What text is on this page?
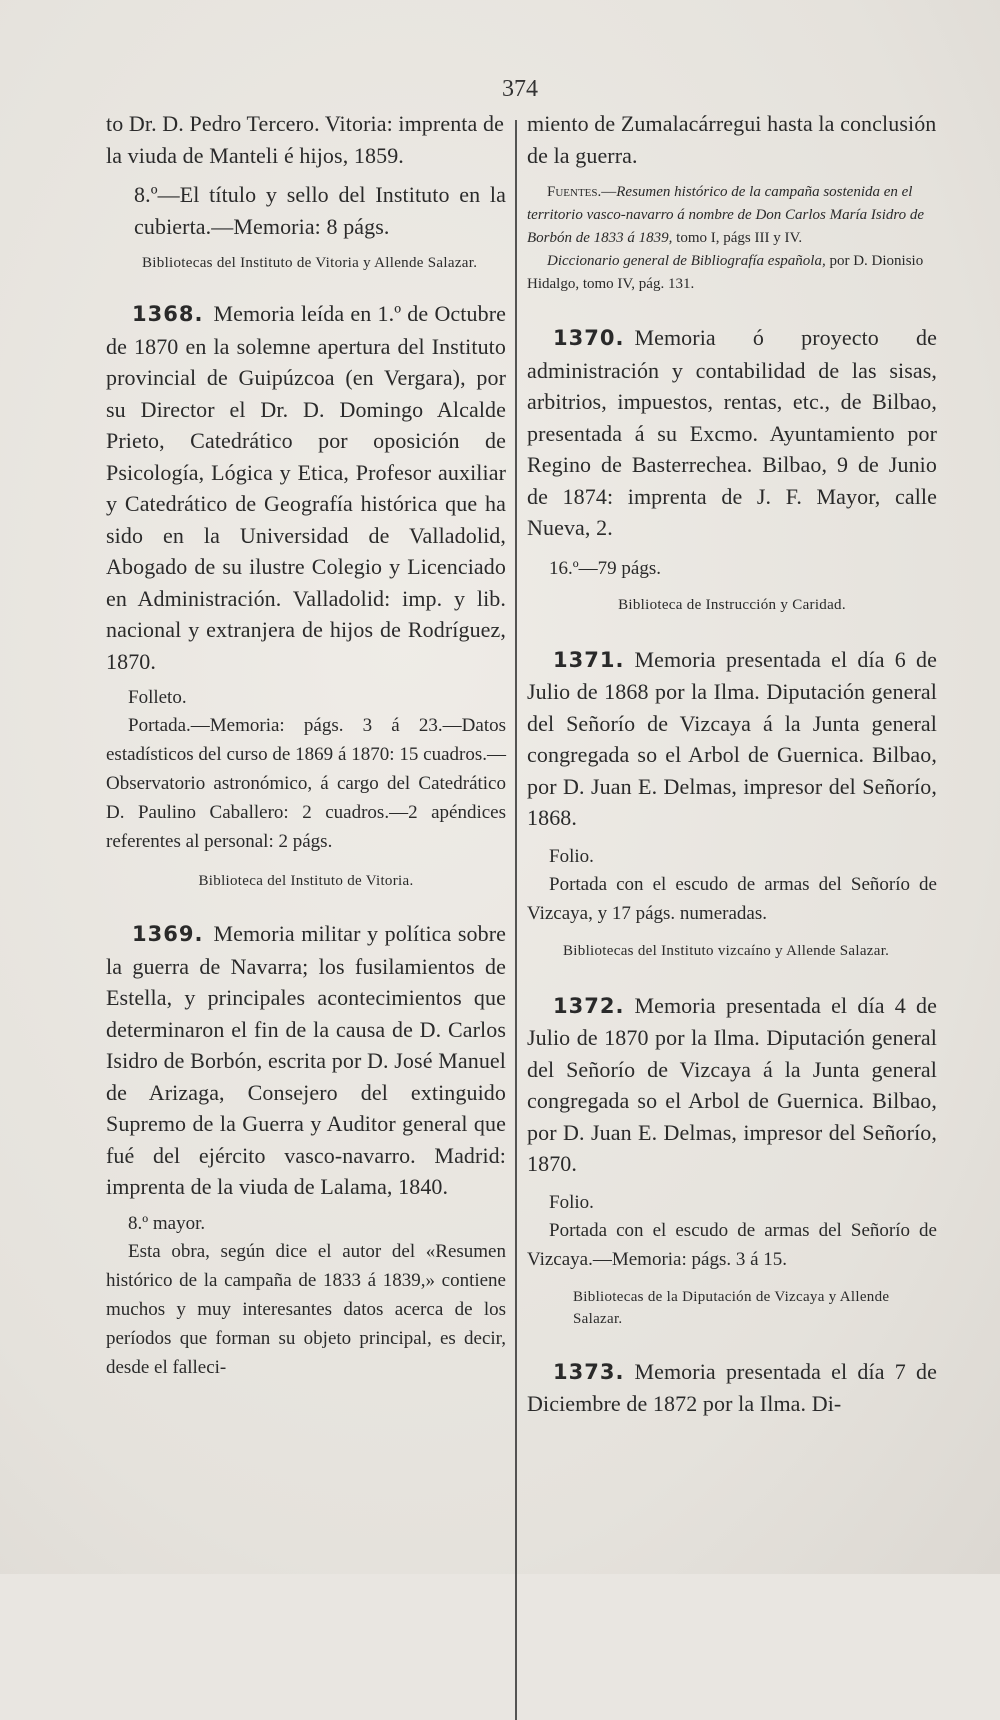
374

to Dr. D. Pedro Tercero. Vitoria: imprenta de la viuda de Manteli é hijos, 1859.

8.º—El título y sello del Instituto en la cubierta.—Memoria: 8 págs.

Bibliotecas del Instituto de Vitoria y Allende Salazar.

1368. Memoria leída en 1.º de Octubre de 1870 en la solemne apertura del Instituto provincial de Guipúzcoa (en Vergara), por su Director el Dr. D. Domingo Alcalde Prieto, Catedrático por oposición de Psicología, Lógica y Etica, Profesor auxiliar y Catedrático de Geografía histórica que ha sido en la Universidad de Valladolid, Abogado de su ilustre Colegio y Licenciado en Administración. Valladolid: imp. y lib. nacional y extranjera de hijos de Rodríguez, 1870.

Folleto.

Portada.—Memoria: págs. 3 á 23.—Datos estadísticos del curso de 1869 á 1870: 15 cuadros.—Observatorio astronómico, á cargo del Catedrático D. Paulino Caballero: 2 cuadros.—2 apéndices referentes al personal: 2 págs.

Biblioteca del Instituto de Vitoria.

1369. Memoria militar y política sobre la guerra de Navarra; los fusilamientos de Estella, y principales acontecimientos que determinaron el fin de la causa de D. Carlos Isidro de Borbón, escrita por D. José Manuel de Arizaga, Consejero del extinguido Supremo de la Guerra y Auditor general que fué del ejército vasco-navarro. Madrid: imprenta de la viuda de Lalama, 1840.

8.º mayor.

Esta obra, según dice el autor del «Resumen histórico de la campaña de 1833 á 1839,» contiene muchos y muy interesantes datos acerca de los períodos que forman su objeto principal, es decir, desde el falleci-

miento de Zumalacárregui hasta la conclusión de la guerra.

Fuentes.—Resumen histórico de la campaña sostenida en el territorio vasco-navarro á nombre de Don Carlos María Isidro de Borbón de 1833 á 1839, tomo I, págs III y IV.

Diccionario general de Bibliografía española, por D. Dionisio Hidalgo, tomo IV, pág. 131.

1370. Memoria ó proyecto de administración y contabilidad de las sisas, arbitrios, impuestos, rentas, etc., de Bilbao, presentada á su Excmo. Ayuntamiento por Regino de Basterrechea. Bilbao, 9 de Junio de 1874: imprenta de J. F. Mayor, calle Nueva, 2.

16.º—79 págs.

Biblioteca de Instrucción y Caridad.

1371. Memoria presentada el día 6 de Julio de 1868 por la Ilma. Diputación general del Señorío de Vizcaya á la Junta general congregada so el Arbol de Guernica. Bilbao, por D. Juan E. Delmas, impresor del Señorío, 1868.

Folio.

Portada con el escudo de armas del Señorío de Vizcaya, y 17 págs. numeradas.

Bibliotecas del Instituto vizcaíno y Allende Salazar.

1372. Memoria presentada el día 4 de Julio de 1870 por la Ilma. Diputación general del Señorío de Vizcaya á la Junta general congregada so el Arbol de Guernica. Bilbao, por D. Juan E. Delmas, impresor del Señorío, 1870.

Folio.

Portada con el escudo de armas del Señorío de Vizcaya.—Memoria: págs. 3 á 15.

Bibliotecas de la Diputación de Vizcaya y Allende Salazar.

1373. Memoria presentada el día 7 de Diciembre de 1872 por la Ilma. Di-
